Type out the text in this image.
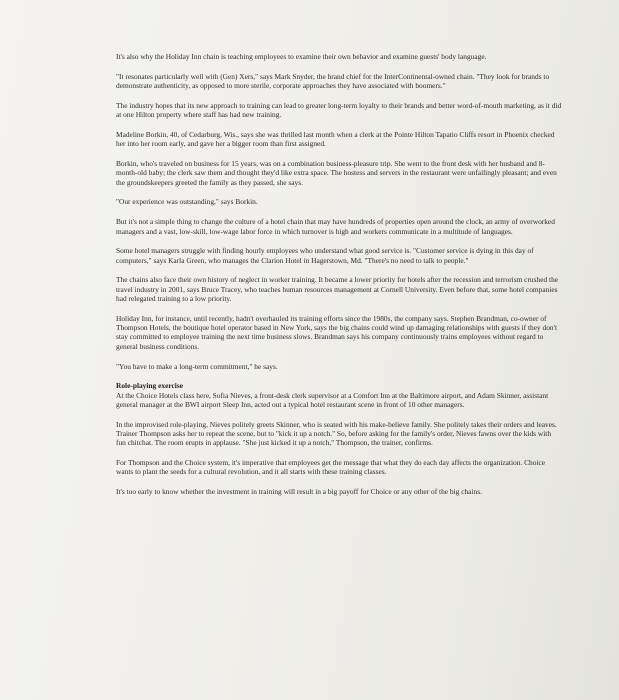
It's also why the Holiday Inn chain is teaching employees to examine their own behavior and examine guests' body language.

"It resonates particularly well with (Gen) Xers," says Mark Snyder, the brand chief for the InterContinental-owned chain. "They look for brands to demonstrate authenticity, as opposed to more sterile, corporate approaches they have associated with boomers."

The industry hopes that its new approach to training can lead to greater long-term loyalty to their brands and better word-of-mouth marketing, as it did at one Hilton property where staff has had new training.

Madeline Borkin, 40, of Cedarburg, Wis., says she was thrilled last month when a clerk at the Pointe Hilton Tapatio Cliffs resort in Phoenix checked her into her room early, and gave her a bigger room than first assigned.

Borkin, who's traveled on business for 15 years, was on a combination business-pleasure trip. She went to the front desk with her husband and 8-month-old baby; the clerk saw them and thought they'd like extra space. The hostess and servers in the restaurant were unfailingly pleasant; and even the groundskeepers greeted the family as they passed, she says.

"Our experience was outstanding," says Borkin.

But it's not a simple thing to change the culture of a hotel chain that may have hundreds of properties open around the clock, an army of overworked managers and a vast, low-skill, low-wage labor force in which turnover is high and workers communicate in a multitude of languages.

Some hotel managers struggle with finding hourly employees who understand what good service is. "Customer service is dying in this day of computers," says Karla Green, who manages the Clarion Hotel in Hagerstown, Md. "There's no need to talk to people."

The chains also face their own history of neglect in worker training. It became a lower priority for hotels after the recession and terrorism crushed the travel industry in 2001, says Bruce Tracey, who teaches human resources management at Cornell University. Even before that, some hotel companies had relegated training to a low priority.

Holiday Inn, for instance, until recently, hadn't overhauled its training efforts since the 1980s, the company says. Stephen Brandman, co-owner of Thompson Hotels, the boutique hotel operator based in New York, says the big chains could wind up damaging relationships with guests if they don't stay committed to employee training the next time business slows. Brandman says his company continuously trains employees without regard to general business conditions.

"You have to make a long-term commitment," he says.

Role-playing exercise

At the Choice Hotels class here, Sofia Nieves, a front-desk clerk supervisor at a Comfort Inn at the Baltimore airport, and Adam Skinner, assistant general manager at the BWI airport Sleep Inn, acted out a typical hotel restaurant scene in front of 10 other managers.

In the improvised role-playing, Nieves politely greets Skinner, who is seated with his make-believe family. She politely takes their orders and leaves. Trainer Thompson asks her to repeat the scene, but to "kick it up a notch." So, before asking for the family's order, Nieves fawns over the kids with fun chitchat. The room erupts in applause. "She just kicked it up a notch," Thompson, the trainer, confirms.

For Thompson and the Choice system, it's imperative that employees get the message that what they do each day affects the organization. Choice wants to plant the seeds for a cultural revolution, and it all starts with these training classes.

It's too early to know whether the investment in training will result in a big payoff for Choice or any other of the big chains.
